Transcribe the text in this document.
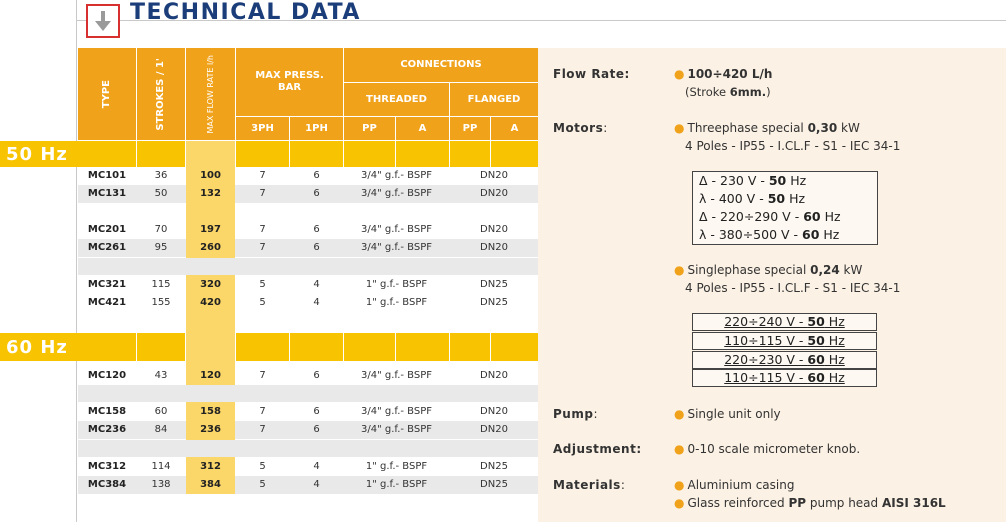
TECHNICAL DATA
TYPE	STROKES / 1'	MAX FLOW RATE l/h	MAX PRESS. BAR
CONNECTIONS
THREADED	FLANGED
3PH	1PH	PP	A	PP	A
50 Hz
60 Hz
MC101	36	100	7	6	3/4" g.f.- BSPF	DN20
MC131	50	132	7	6	3/4" g.f.- BSPF	DN20
MC201	70	197	7	6	3/4" g.f.- BSPF	DN20
MC261	95	260	7	6	3/4" g.f.- BSPF	DN20
MC321	115	320	5	4	1" g.f.- BSPF	DN25
MC421	155	420	5	4	1" g.f.- BSPF	DN25
MC120	43	120	7	6	3/4" g.f.- BSPF	DN20
MC158	60	158	7	6	3/4" g.f.- BSPF	DN20
MC236	84	236	7	6	3/4" g.f.- BSPF	DN20
MC312	114	312	5	4	1" g.f.- BSPF	DN25
MC384	138	384	5	4	1" g.f.- BSPF	DN25
Flow Rate:	● 100÷420 L/h
(Stroke 6mm.)
Motors:	● Threephase special 0,30 kW
4 Poles - IP55 - I.CL.F - S1 - IEC 34-1
Δ - 230 V - 50 Hz
λ - 400 V - 50 Hz
Δ - 220÷290 V - 60 Hz
λ - 380÷500 V - 60 Hz
● Singlephase special 0,24 kW
4 Poles - IP55 - I.CL.F - S1 - IEC 34-1
220÷240 V - 50 Hz
110÷115 V - 50 Hz
220÷230 V - 60 Hz
110÷115 V - 60 Hz
Pump:	● Single unit only
Adjustment:	● 0-10 scale micrometer knob.
Materials:	● Aluminium casing
● Glass reinforced PP pump head AISI 316L
